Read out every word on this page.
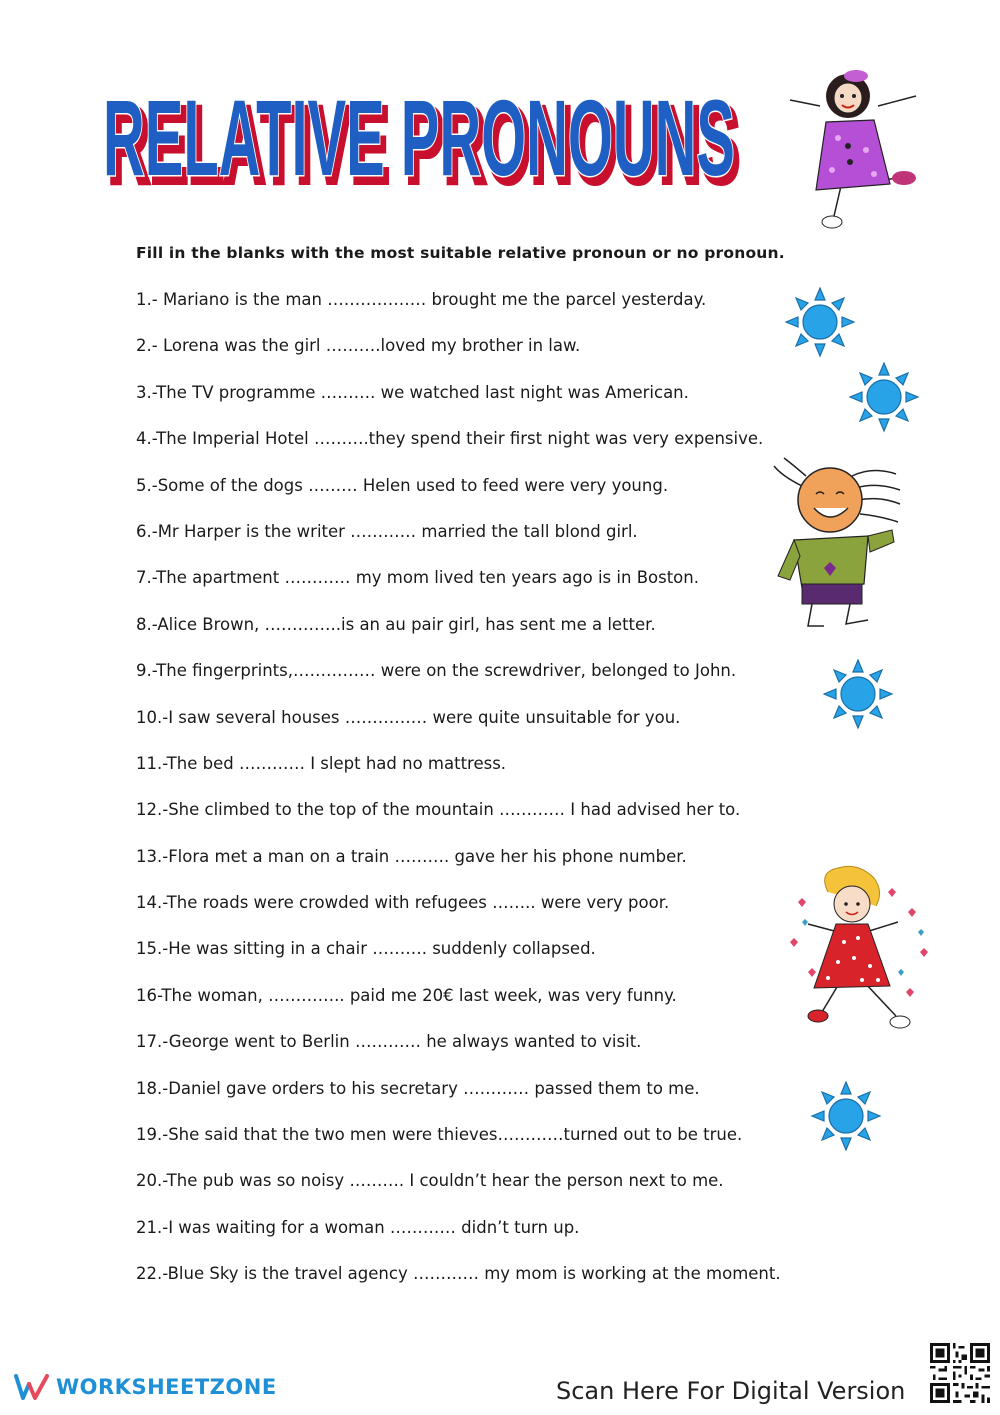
RELATIVE PRONOUNS
RELATIVE PRONOUNS
Fill in the blanks with the most suitable relative pronoun or no pronoun.
1.- Mariano is the man ……………… brought me the parcel yesterday.
2.- Lorena was the girl ……….loved my brother in law.
3.-The TV programme ………. we watched last night was American.
4.-The Imperial Hotel ……….they spend their first night was very expensive.
5.-Some of the dogs ……… Helen used to feed were very young.
6.-Mr Harper is the writer ………… married the tall blond girl.
7.-The apartment ………… my mom lived ten years ago is in Boston.
8.-Alice Brown, …………..is an au pair girl, has sent me a letter.
9.-The fingerprints,…………… were on the screwdriver, belonged to John.
10.-I saw several houses …………… were quite unsuitable for you.
11.-The bed ………… I slept had no mattress.
12.-She climbed to the top of the mountain ………… I had advised her to.
13.-Flora met a man on a train ………. gave her his phone number.
14.-The roads were crowded with refugees …….. were very poor.
15.-He was sitting in a chair ………. suddenly collapsed.
16-The woman, ………….. paid me 20€ last week, was very funny.
17.-George went to Berlin ………… he always wanted to visit.
18.-Daniel gave orders to his secretary ………… passed them to me.
19.-She said that the two men were thieves…………turned out to be true.
20.-The pub was so noisy ………. I couldn’t hear the person next to me.
21.-I was waiting for a woman ………… didn’t turn up.
22.-Blue Sky is the travel agency ………… my mom is working at the moment.
WORKSHEETZONE	Scan Here For Digital Version
